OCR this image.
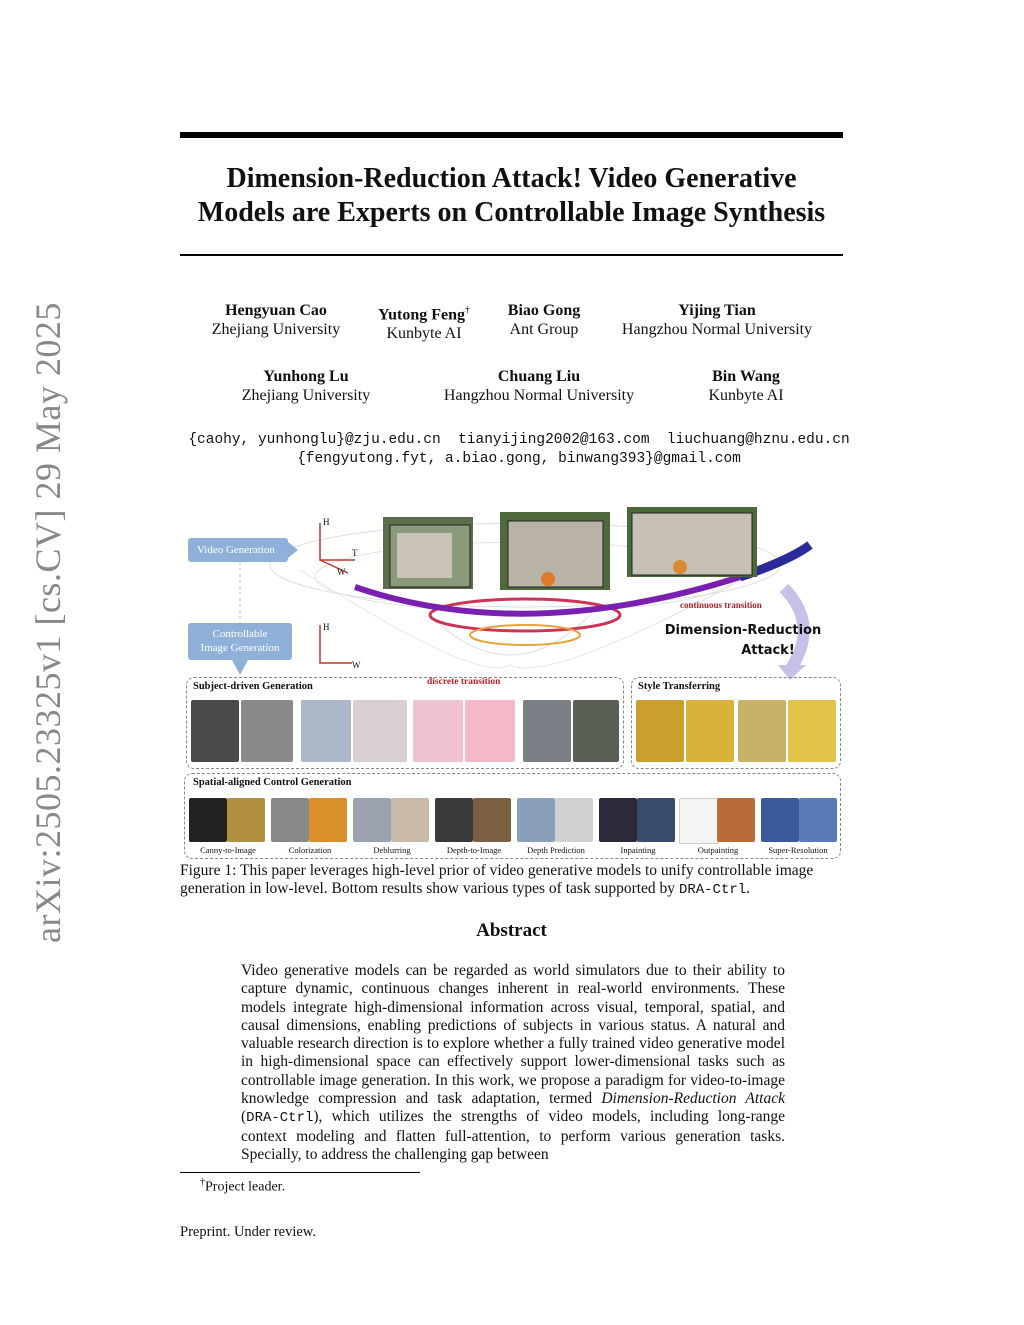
arXiv:2505.23325v1 [cs.CV] 29 May 2025
Dimension-Reduction Attack! Video Generative
Models are Experts on Controllable Image Synthesis
Hengyuan Cao
Zhejiang University
Yutong Feng†
Kunbyte AI
Biao Gong
Ant Group
Yijing Tian
Hangzhou Normal University
Yunhong Lu
Zhejiang University
Chuang Liu
Hangzhou Normal University
Bin Wang
Kunbyte AI
{caohy, yunhonglu}@zju.edu.cn  tianyijing2002@163.com  liuchuang@hznu.edu.cn
{fengyutong.fyt, a.biao.gong, binwang393}@gmail.com
Video Generation
Controllable
Image Generation
H
T
W
H
W
continuous transition
Dimension-Reduction
Attack!
Subject-driven Generation	discrete transition	Style Transferring
Spatial-aligned Control Generation
Canny-to-Image	Colorization	Deblurring	Depth-to-Image	Depth Prediction	Inpainting	Outpainting	Super-Resolution
Figure 1: This paper leverages high-level prior of video generative models to unify controllable image generation in low-level. Bottom results show various types of task supported by DRA-Ctrl.
Abstract
Video generative models can be regarded as world simulators due to their ability to capture dynamic, continuous changes inherent in real-world environments. These models integrate high-dimensional information across visual, temporal, spatial, and causal dimensions, enabling predictions of subjects in various status. A natural and valuable research direction is to explore whether a fully trained video generative model in high-dimensional space can effectively support lower-dimensional tasks such as controllable image generation. In this work, we propose a paradigm for video-to-image knowledge compression and task adaptation, termed Dimension-Reduction Attack (DRA-Ctrl), which utilizes the strengths of video models, including long-range context modeling and flatten full-attention, to perform various generation tasks. Specially, to address the challenging gap between
†Project leader.
Preprint. Under review.
